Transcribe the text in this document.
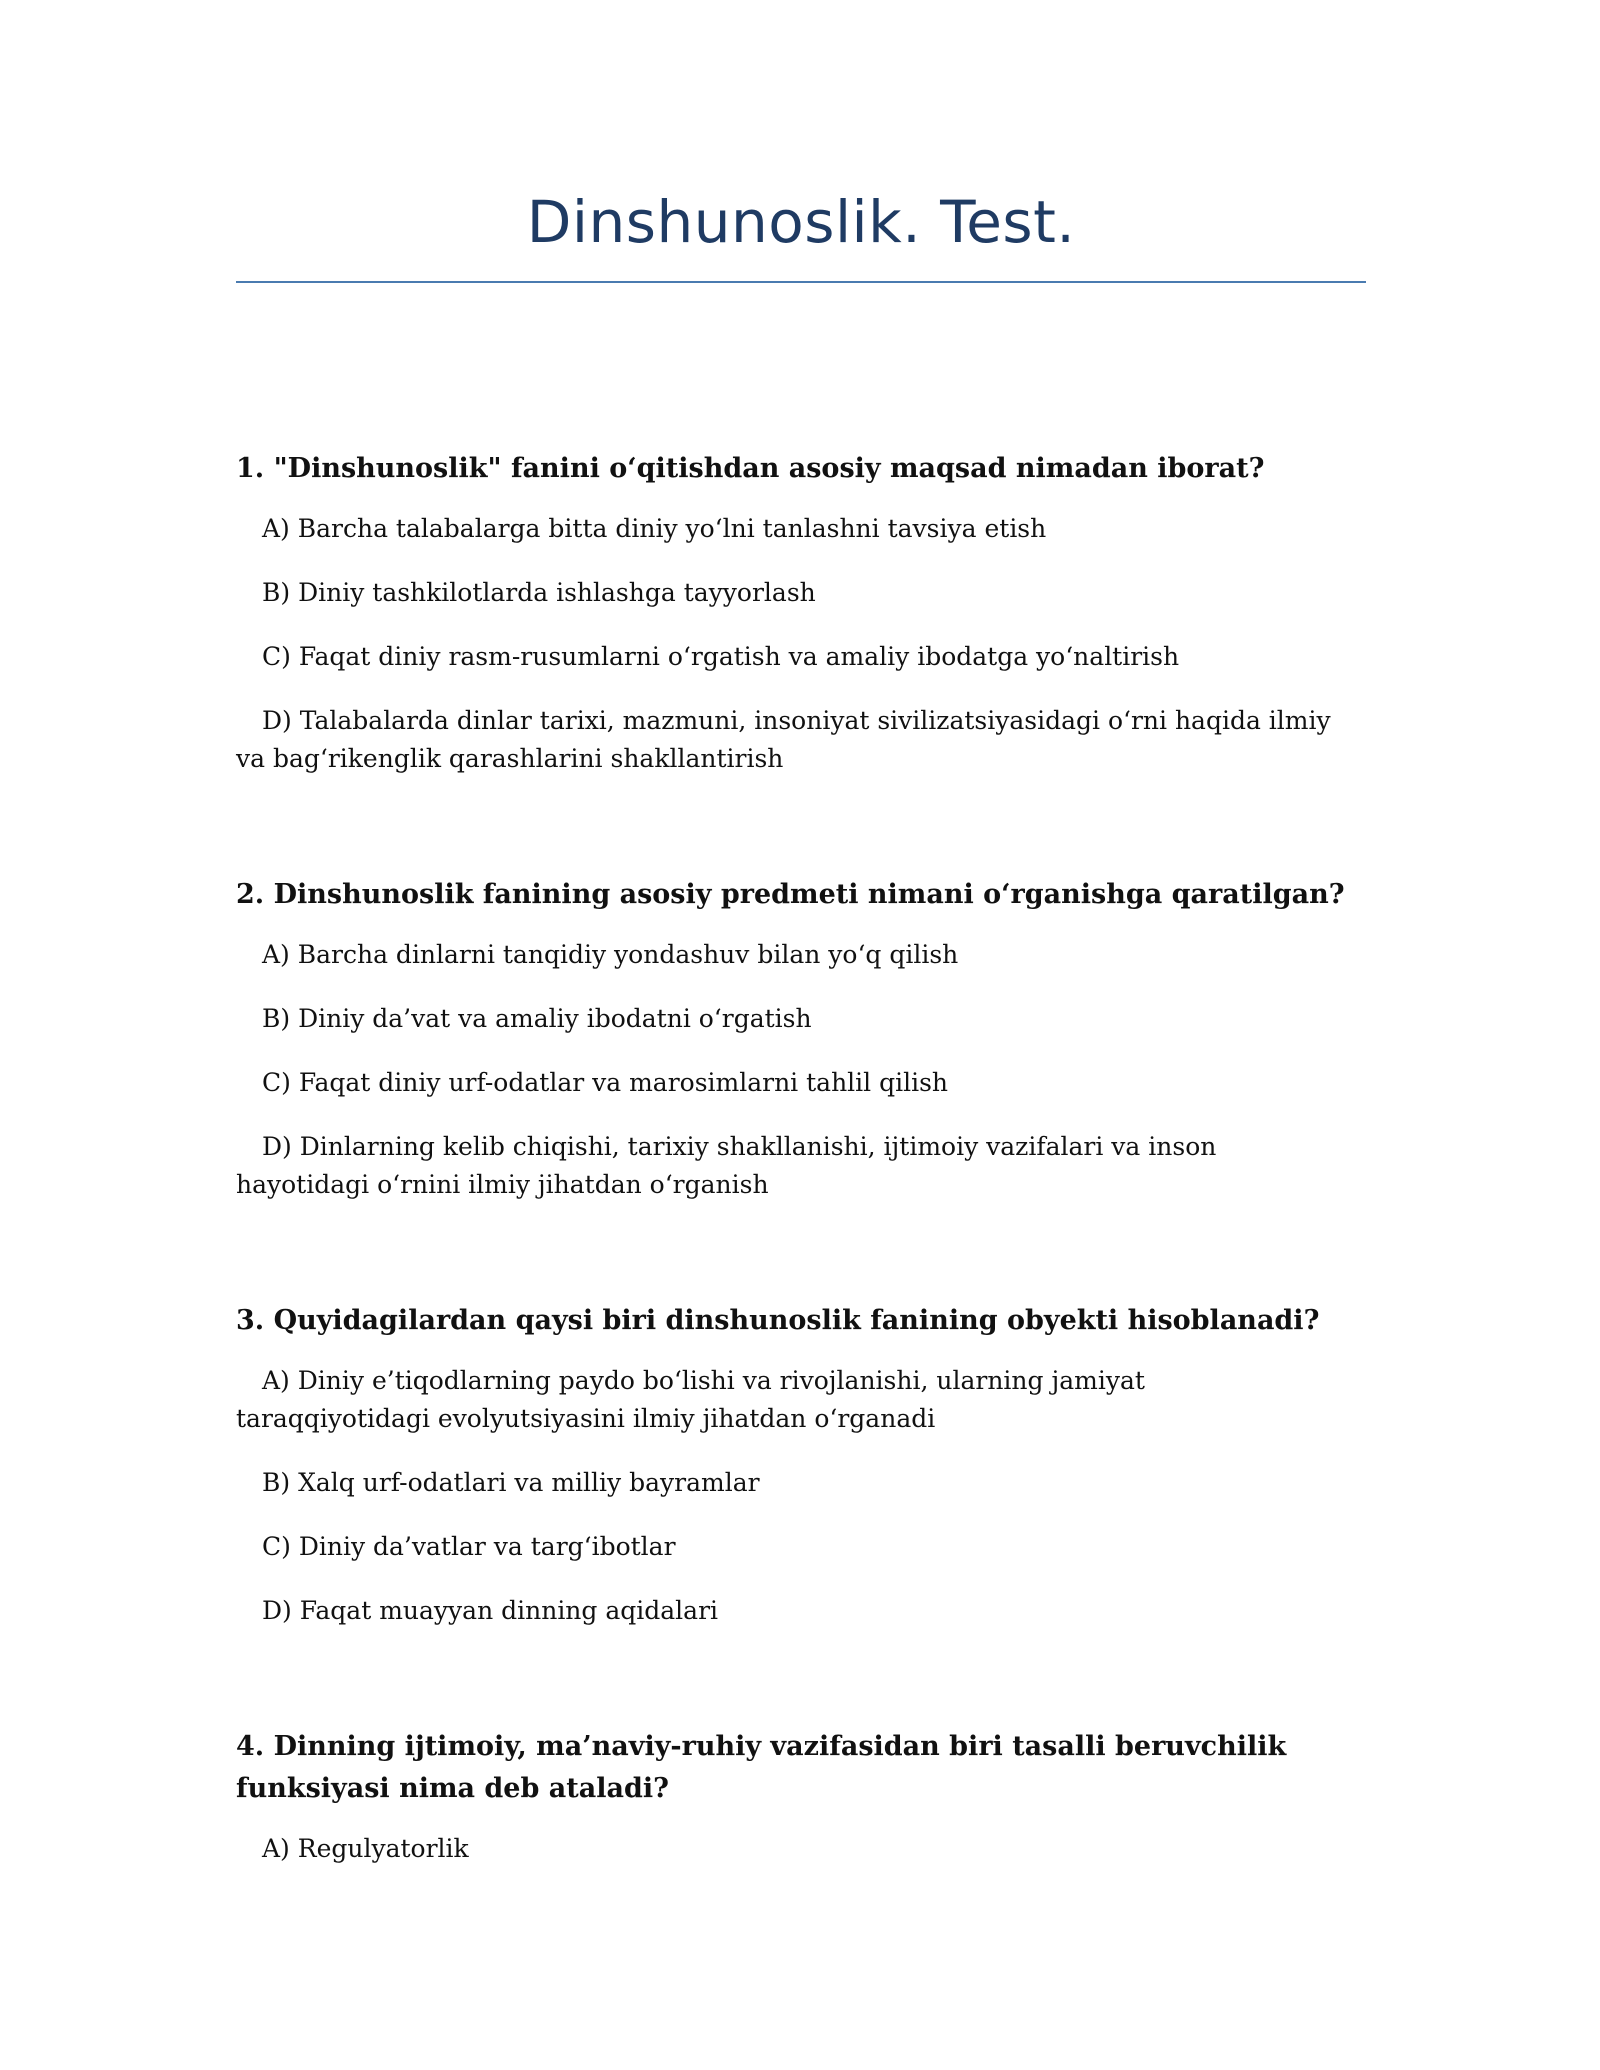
Dinshunoslik. Test.
1. "Dinshunoslik" fanini o‘qitishdan asosiy maqsad nimadan iborat?
A) Barcha talabalarga bitta diniy yo‘lni tanlashni tavsiya etish
B) Diniy tashkilotlarda ishlashga tayyorlash
C) Faqat diniy rasm-rusumlarni o‘rgatish va amaliy ibodatga yo‘naltirish
D) Talabalarda dinlar tarixi, mazmuni, insoniyat sivilizatsiyasidagi o‘rni haqida ilmiy va bag‘rikenglik qarashlarini shakllantirish
2. Dinshunoslik fanining asosiy predmeti nimani o‘rganishga qaratilgan?
A) Barcha dinlarni tanqidiy yondashuv bilan yo‘q qilish
B) Diniy da’vat va amaliy ibodatni o‘rgatish
C) Faqat diniy urf-odatlar va marosimlarni tahlil qilish
D) Dinlarning kelib chiqishi, tarixiy shakllanishi, ijtimoiy vazifalari va inson hayotidagi o‘rnini ilmiy jihatdan o‘rganish
3. Quyidagilardan qaysi biri dinshunoslik fanining obyekti hisoblanadi?
A) Diniy e’tiqodlarning paydo bo‘lishi va rivojlanishi, ularning jamiyat taraqqiyotidagi evolyutsiyasini ilmiy jihatdan o‘rganadi
B) Xalq urf-odatlari va milliy bayramlar
C) Diniy da’vatlar va targ‘ibotlar
D) Faqat muayyan dinning aqidalari
4. Dinning ijtimoiy, ma’naviy-ruhiy vazifasidan biri tasalli beruvchilik funksiyasi nima deb ataladi?
A) Regulyatorlik
